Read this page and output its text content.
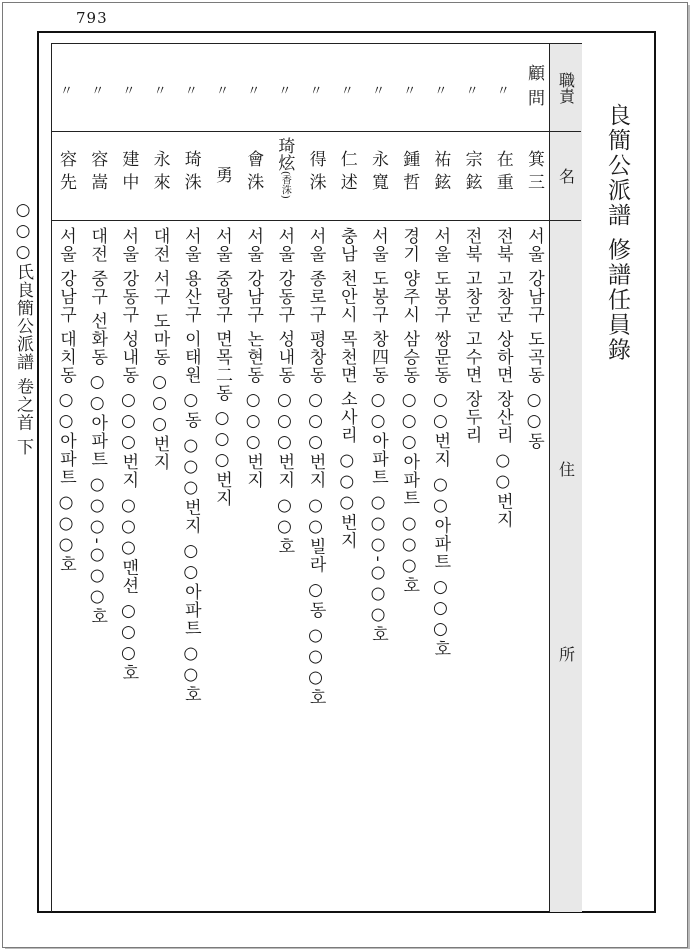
793
職責
名
住
所
顧問
箕三
서울 강남구 도곡동 ○○동
〃
在重
전북 고창군 상하면 장산리 ○○번지
〃
宗鉉
전북 고창군 고수면 장두리
〃
祐鉉
서울 도봉구 쌍문동 ○○번지 ○○아파트 ○○○호
〃
鍾哲
경기 양주시 삼승동 ○○○아파트 ○○○호
〃
永寬
서울 도봉구 창四동 ○○아파트 ○○○-○○○호
〃
仁述
충남 천안시 목천면 소사리 ○○○번지
〃
得洙
서울 종로구 평창동 ○○○번지 ○○빌라 ○동 ○○○호
〃
琦炫(香洙)
서울 강동구 성내동 ○○○번지 ○○호
〃
會洙
서울 강남구 논현동 ○○○번지
〃
勇
서울 중랑구 면목二동 ○○○번지
〃
琦洙
서울 용산구 이태원 ○동 ○○○번지 ○○아파트 ○○호
〃
永來
대전 서구 도마동 ○○○번지
〃
建中
서울 강동구 성내동 ○○○번지 ○○○맨션 ○○○호
〃
容嵩
대전 중구 선화동 ○○아파트 ○○○-○○○호
〃
容先
서울 강남구 대치동 ○○아파트 ○○○호	良簡公派譜 修譜任員錄
○○○氏良簡公派譜 卷之首 下
